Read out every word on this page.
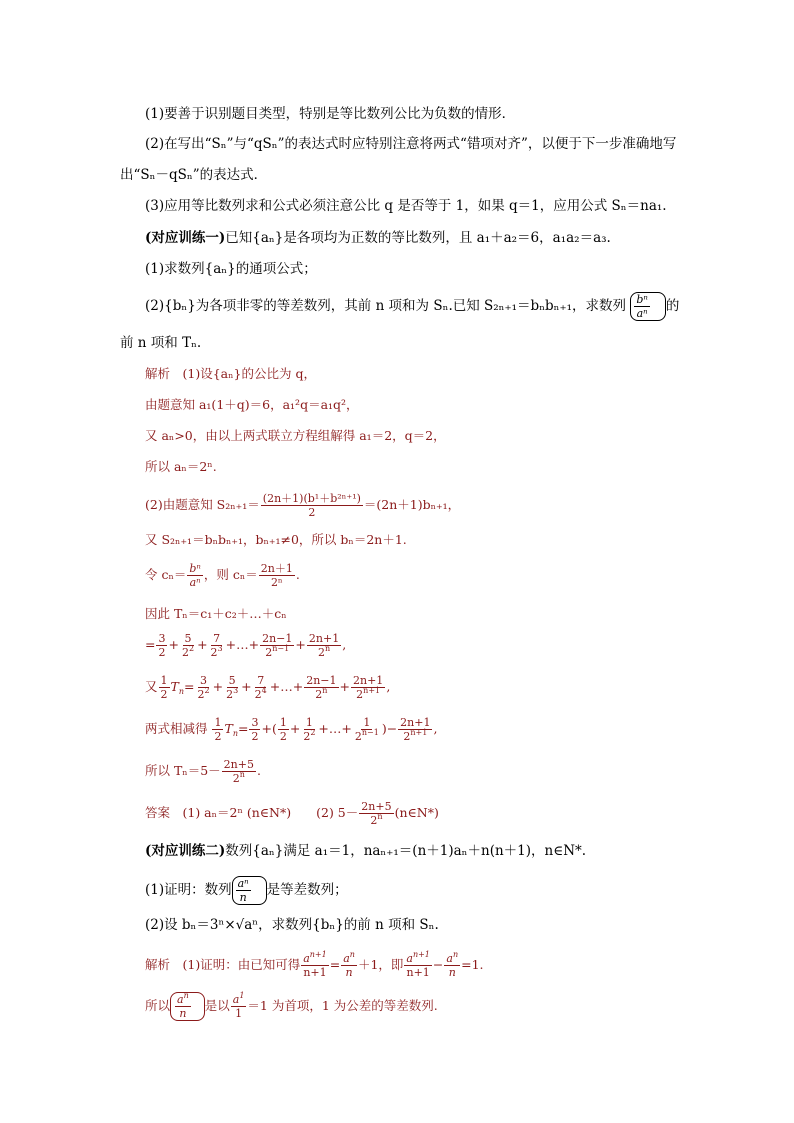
(1)要善于识别题目类型，特别是等比数列公比为负数的情形．
(2)在写出“Sₙ”与“qSₙ”的表达式时应特别注意将两式“错项对齐”，以便于下一步准确地写
出“Sₙ－qSₙ”的表达式．
(3)应用等比数列求和公式必须注意公比 q 是否等于 1，如果 q＝1，应用公式 Sₙ＝na₁.
(对应训练一)已知{aₙ}是各项均为正数的等比数列，且 a₁＋a₂＝6，a₁a₂＝a₃.
(1)求数列{aₙ}的通项公式；
(2){bₙ}为各项非零的等差数列，其前 n 项和为 Sₙ.已知 S₂ₙ₊₁＝bₙbₙ₊₁，求数列 $\frac{\text{bⁿ}}{\text{aⁿ}}$ 的
前 n 项和 Tₙ.
解析　(1)设{aₙ}的公比为 q，
由题意知 a₁(1＋q)＝6，a₁²q＝a₁q²，
又 aₙ>0，由以上两式联立方程组解得 a₁＝2，q＝2，
所以 aₙ＝2ⁿ.
(2)由题意知 $S_{2n+1}= \frac{\text{(2n＋1)(b¹＋b²ⁿ⁺¹)}}{2} =(2n+1)b_{n+1}$，
又 S₂ₙ₊₁＝bₙbₙ₊₁，bₙ₊₁≠0，所以 bₙ＝2n＋1.
令 $c_n= \frac{\text{bⁿ}}{\text{aⁿ}}$ ，则 $c_n= \frac{2n+1}{\text{2ⁿ}}$ .
因此 Tₙ＝c₁＋c₂＋…＋cₙ
= $\frac{3}{2} + \frac{5}{2^2} + \frac{7}{2^3}$ +…+ $\frac{2n-1}{2^{n-1}} + \frac{2n+1}{2^n}$ ,
又 $\frac{1}{2} T_n= \frac{3}{2^2} + \frac{5}{2^3} + \frac{7}{2^4}$ +…+ $\frac{2n-1}{2^n} + \frac{2n+1}{2^{n+1}}$ ,
两式相减得 $\frac{1}{2} T_n= \frac{3}{2}$ +( $\frac{1}{2} + \frac{1}{2^2}$ +…+ $\frac{1}{2^{n-1}}$ )− $\frac{2n+1}{2^{n+1}}$ ,
所以 $T_n=5- \frac{2n+5}{2^n}$ .
答案　(1) aₙ＝2ⁿ (n∈N*)　　(2) $5- \frac{2n+5}{2^n}$ (n∈N*)
(对应训练二)数列{aₙ}满足 a₁＝1，naₙ₊₁＝(n＋1)aₙ＋n(n＋1)，n∈N*.
(1)证明：数列 $\frac{\text{aⁿ}}{n}$ 是等差数列；
(2)设 bₙ＝3ⁿ×√aⁿ，求数列{bₙ}的前 n 项和 Sₙ.
解析　(1)证明：由已知可得 $\frac{a^{n+1}}{n+1} = \frac{a^n}{n} +1$，即 $\frac{a^{n+1}}{n+1} - \frac{a^n}{n} =1$.
所以 $\frac{a^n}{n}$ 是以 $\frac{a^1}{1} =1$ 为首项，1 为公差的等差数列.
